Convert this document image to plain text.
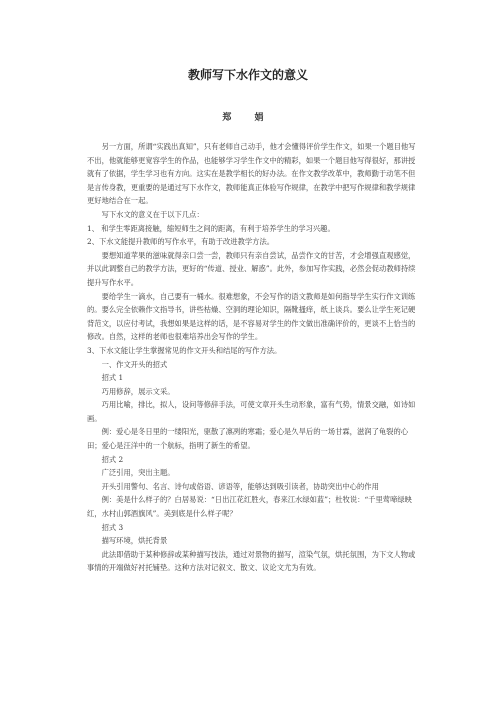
教师写下水作文的意义
郑 娟

另一方面，所谓“实践出真知”，只有老师自己动手，他才会懂得评价学生作文，如果一个题目他写不出，他就能够更宽容学生的作品，也能够学习学生作文中的精彩，如果一个题目他写得很好，那讲授就有了依据，学生学习也有方向。这实在是教学相长的好办法。在作文教学改革中，教师勤于动笔不但是言传身教，更重要的是通过写下水作文，教师能真正体验写作规律，在教学中把写作规律和教学规律更好地结合在一起。

写下水文的意义在于以下几点：

1、 和学生零距离接触，缩短师生之间的距离，有利于培养学生的学习兴趣。

2、下水文能提升教师的写作水平，有助于改进教学方法。

要想知道苹果的滋味就得亲口尝一尝，教师只有亲自尝试，品尝作文的甘苦，才会增强直观感觉，并以此调整自己的教学方法，更好的“传道、授业、解惑”。此外，参加写作实践，必然会促动教师持续提升写作水平。

要给学生一滴水，自己要有一桶水。很难想象，不会写作的语文教师是如何指导学生实行作文训练的。要么完全依赖作文指导书，讲些枯燥、空洞的理论知识，隔靴搔痒，纸上谈兵。要么让学生死记硬背范文，以应付考试，我想如果是这样的话，是不容易对学生的作文做出准确评价的，更谈不上恰当的修改。自然，这样的老师也很难培养出会写作的学生。

3、下水文能让学生掌握常见的作文开头和结尾的写作方法。

一、作文开头的招式

招式 1

巧用修辞，展示文采。

巧用比喻，排比，拟人，设问等修辞手法，可使文章开头生动形象，富有气势，情景交融，如诗如画。

例：爱心是冬日里的一缕阳光，驱散了凛冽的寒霜；爱心是久旱后的一场甘霖，滋润了龟裂的心田；爱心是汪洋中的一个航标，指明了新生的希望。

招式 2

广泛引用，突出主题。

开头引用警句、名言、诗句或俗语、谚语等，能够达到吸引读者，协助突出中心的作用

例：美是什么样子的？白居易说：“日出江花红胜火，春来江水绿如蓝”；杜牧说：“千里莺啼绿映红，水村山郭酒旗风”。美到底是什么样子呢？

招式 3

描写环境，烘托背景

此法即借助于某种修辞或某种描写技法，通过对景物的描写，渲染气氛，烘托氛围，为下文人物或事情的开端做好衬托铺垫。这种方法对记叙文、散文、议论文尤为有效。
